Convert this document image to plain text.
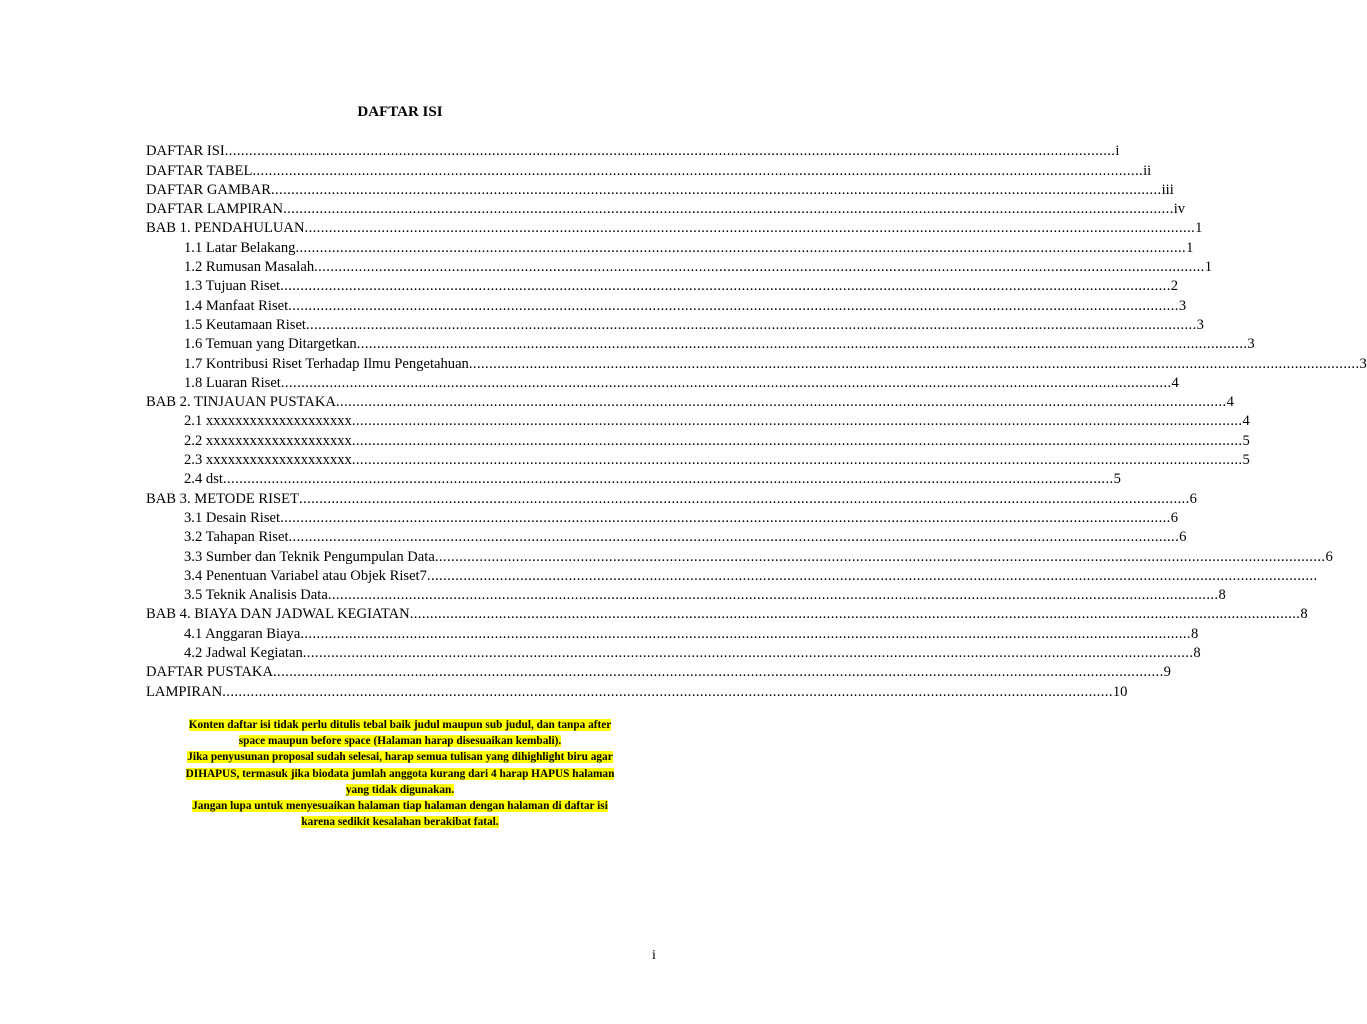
DAFTAR ISI
DAFTAR ISI ............................................................................................................................................................................................................................ i
DAFTAR TABEL ............................................................................................................................................................................................................................ ii
DAFTAR GAMBAR ............................................................................................................................................................................................................................ iii
DAFTAR LAMPIRAN ............................................................................................................................................................................................................................ iv
BAB 1. PENDAHULUAN ............................................................................................................................................................................................................................ 1
1.1 Latar Belakang ............................................................................................................................................................................................................................ 1
1.2 Rumusan Masalah ............................................................................................................................................................................................................................ 1
1.3 Tujuan Riset ............................................................................................................................................................................................................................ 2
1.4 Manfaat Riset ............................................................................................................................................................................................................................ 3
1.5 Keutamaan Riset ............................................................................................................................................................................................................................ 3
1.6 Temuan yang Ditargetkan ............................................................................................................................................................................................................................ 3
1.7 Kontribusi Riset Terhadap Ilmu Pengetahuan ............................................................................................................................................................................................................................ 3
1.8 Luaran Riset ............................................................................................................................................................................................................................ 4
BAB 2. TINJAUAN PUSTAKA ............................................................................................................................................................................................................................ 4
2.1 xxxxxxxxxxxxxxxxxxxx ............................................................................................................................................................................................................................ 4
2.2 xxxxxxxxxxxxxxxxxxxx ............................................................................................................................................................................................................................ 5
2.3 xxxxxxxxxxxxxxxxxxxx ............................................................................................................................................................................................................................ 5
2.4 dst ............................................................................................................................................................................................................................ 5
BAB 3. METODE RISET ............................................................................................................................................................................................................................ 6
3.1 Desain Riset ............................................................................................................................................................................................................................ 6
3.2 Tahapan Riset ............................................................................................................................................................................................................................ 6
3.3 Sumber dan Teknik Pengumpulan Data ............................................................................................................................................................................................................................ 6
3.4 Penentuan Variabel atau Objek Riset7 ............................................................................................................................................................................................................................
3.5 Teknik Analisis Data ............................................................................................................................................................................................................................ 8
BAB 4. BIAYA DAN JADWAL KEGIATAN ............................................................................................................................................................................................................................ 8
4.1 Anggaran Biaya ............................................................................................................................................................................................................................ 8
4.2 Jadwal Kegiatan ............................................................................................................................................................................................................................ 8
DAFTAR PUSTAKA ............................................................................................................................................................................................................................ 9
LAMPIRAN ............................................................................................................................................................................................................................ 10
Konten daftar isi tidak perlu ditulis tebal baik judul maupun sub judul, dan tanpa after
space maupun before space (Halaman harap disesuaikan kembali).
Jika penyusunan proposal sudah selesai, harap semua tulisan yang dihighlight biru agar
DIHAPUS, termasuk jika biodata jumlah anggota kurang dari 4 harap HAPUS halaman
yang tidak digunakan.
Jangan lupa untuk menyesuaikan halaman tiap halaman dengan halaman di daftar isi
karena sedikit kesalahan berakibat fatal.
i
